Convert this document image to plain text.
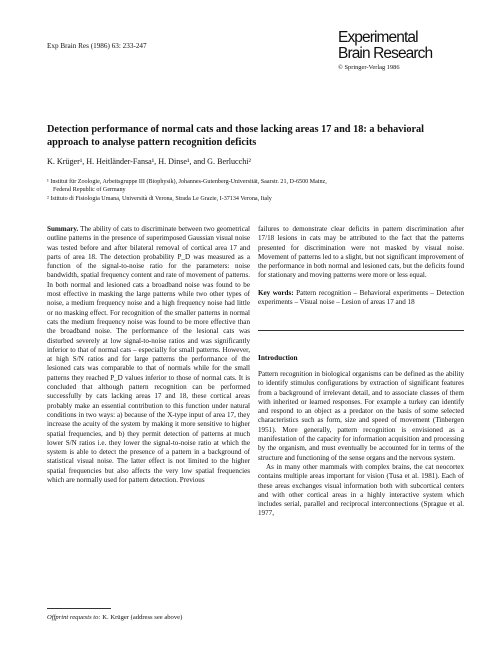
Exp Brain Res (1986) 63: 233-247	Experimental
Brain Research
© Springer-Verlag 1986
Detection performance of normal cats and those lacking areas 17 and 18: a behavioral approach to analyse pattern recognition deficits
K. Krüger¹, H. Heitländer-Fansa¹, H. Dinse¹, and G. Berlucchi²
¹ Institut für Zoologie, Arbeitsgruppe III (Biophysik), Johannes-Gutenberg-Universität, Saarstr. 21, D-6500 Mainz,
Federal Republic of Germany
² Istituto di Fisiologia Umana, Università di Verona, Strada Le Grazie, I-37134 Verona, Italy
Summary. The ability of cats to discriminate between two geometrical outline patterns in the presence of superimposed Gaussian visual noise was tested before and after bilateral removal of cortical area 17 and parts of area 18. The detection probability P_D was measured as a function of the signal-to-noise ratio for the parameters: noise bandwidth, spatial frequency content and rate of movement of patterns. In both normal and lesioned cats a broadband noise was found to be most effective in masking the large patterns while two other types of noise, a medium frequency noise and a high frequency noise had little or no masking effect. For recognition of the smaller patterns in normal cats the medium frequency noise was found to be more effective than the broadband noise. The performance of the lesional cats was disturbed severely at low signal-to-noise ratios and was significantly inferior to that of normal cats – especially for small patterns. However, at high S/N ratios and for large patterns the performance of the lesioned cats was comparable to that of normals while for the small patterns they reached P_D values inferior to those of normal cats. It is concluded that although pattern recognition can be performed successfully by cats lacking areas 17 and 18, these cortical areas probably make an essential contribution to this function under natural conditions in two ways: a) because of the X-type input of area 17, they increase the acuity of the system by making it more sensitive to higher spatial frequencies, and b) they permit detection of patterns at much lower S/N ratios i.e. they lower the signal-to-noise ratio at which the system is able to detect the presence of a pattern in a background of statistical visual noise. The latter effect is not limited to the higher spatial frequencies but also affects the very low spatial frequencies which are normally used for pattern detection. Previous
failures to demonstrate clear deficits in pattern discrimination after 17/18 lesions in cats may be attributed to the fact that the patterns presented for discrimination were not masked by visual noise. Movement of patterns led to a slight, but not significant improvement of the performance in both normal and lesioned cats, but the deficits found for stationary and moving patterns were more or less equal.
Key words: Pattern recognition – Behavioral experiments – Detection experiments – Visual noise – Lesion of areas 17 and 18
Introduction

Pattern recognition in biological organisms can be defined as the ability to identify stimulus configurations by extraction of significant features from a background of irrelevant detail, and to associate classes of them with inherited or learned responses. For example a turkey can identify and respond to an object as a predator on the basis of some selected characteristics such as form, size and speed of movement (Tinbergen 1951). More generally, pattern recognition is envisioned as a manifestation of the capacity for information acquisition and processing by the organism, and must eventually be accounted for in terms of the structure and functioning of the sense organs and the nervous system.

As in many other mammals with complex brains, the cat neocortex contains multiple areas important for vision (Tusa et al. 1981). Each of these areas exchanges visual information both with subcortical centers and with other cortical areas in a highly interactive system which includes serial, parallel and reciprocal interconnections (Sprague et al. 1977,

Offprint requests to: K. Krüger (address see above)
